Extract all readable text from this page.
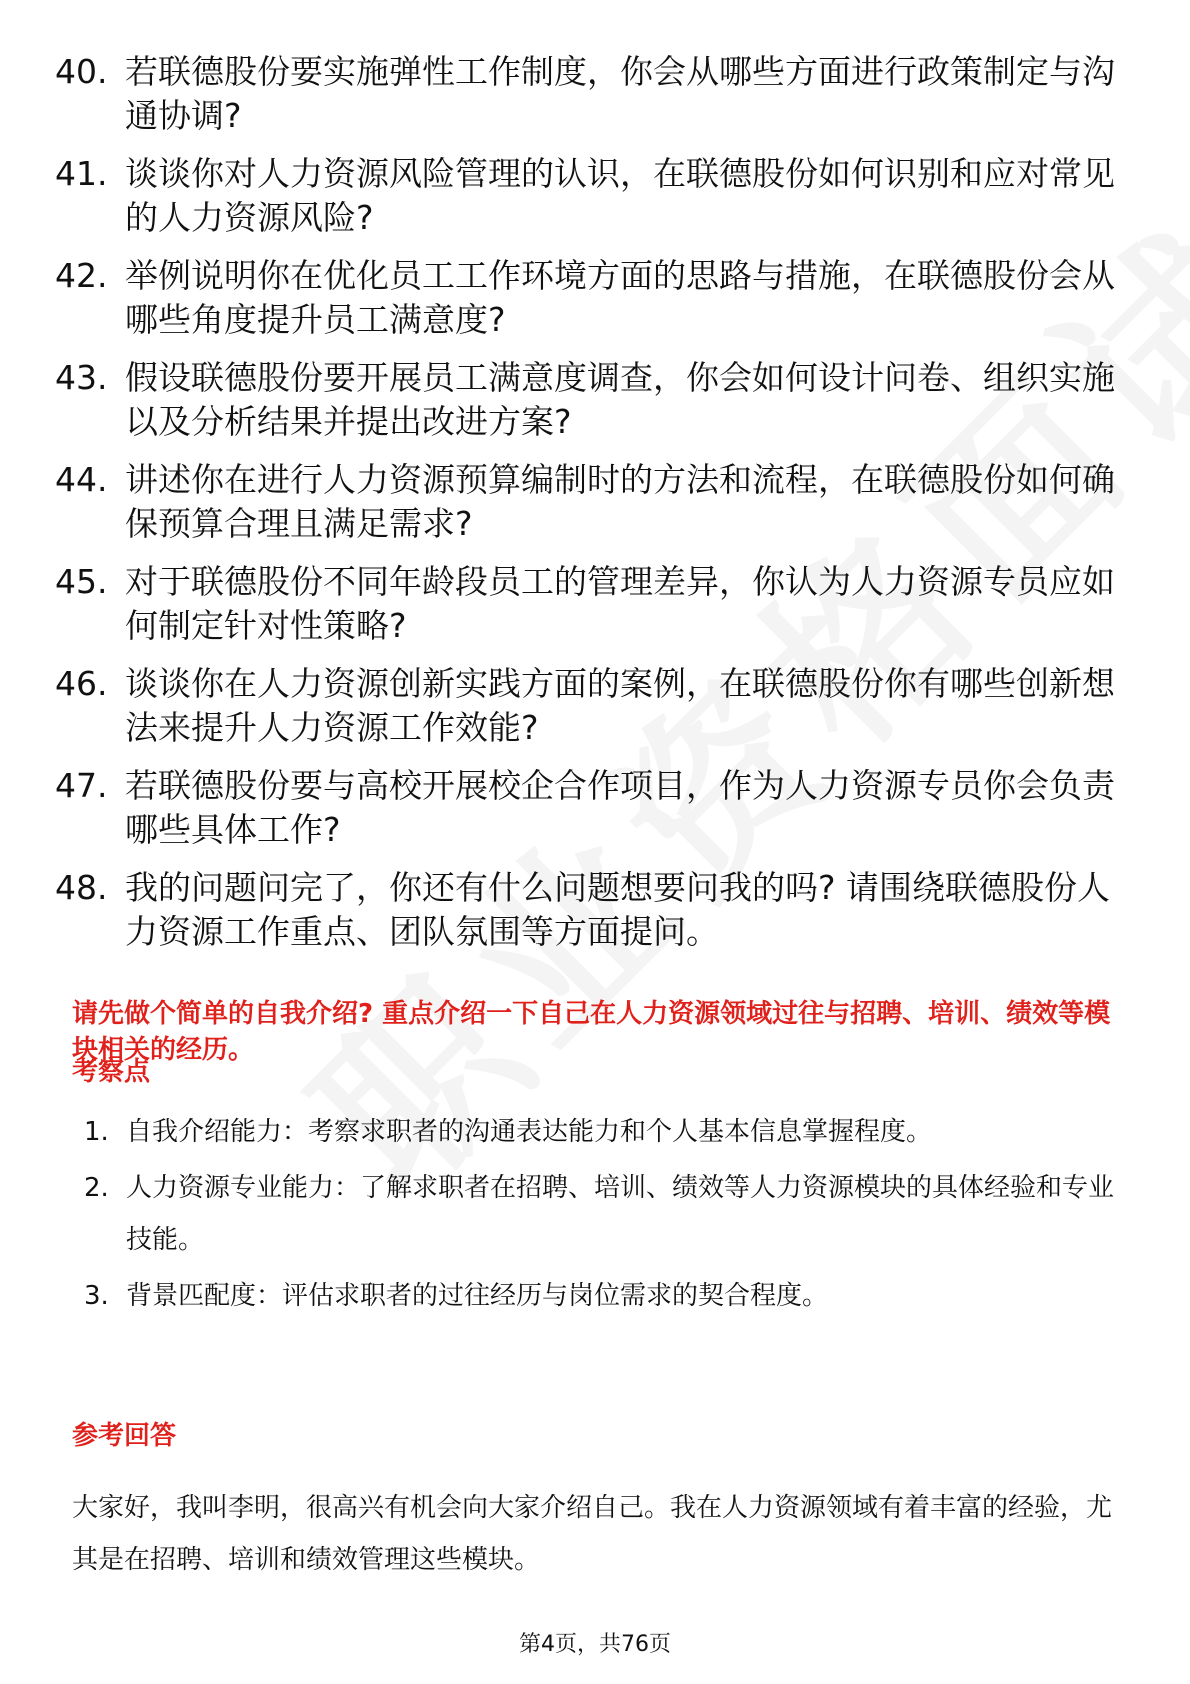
40. 若联德股份要实施弹性工作制度，你会从哪些方面进行政策制定与沟通协调?
41. 谈谈你对人力资源风险管理的认识，在联德股份如何识别和应对常见的人力资源风险?
42. 举例说明你在优化员工工作环境方面的思路与措施，在联德股份会从哪些角度提升员工满意度?
43. 假设联德股份要开展员工满意度调查，你会如何设计问卷、组织实施以及分析结果并提出改进方案?
44. 讲述你在进行人力资源预算编制时的方法和流程，在联德股份如何确保预算合理且满足需求?
45. 对于联德股份不同年龄段员工的管理差异，你认为人力资源专员应如何制定针对性策略?
46. 谈谈你在人力资源创新实践方面的案例，在联德股份你有哪些创新想法来提升人力资源工作效能?
47. 若联德股份要与高校开展校企合作项目，作为人力资源专员你会负责哪些具体工作?
48. 我的问题问完了，你还有什么问题想要问我的吗? 请围绕联德股份人力资源工作重点、团队氛围等方面提问。
请先做个简单的自我介绍? 重点介绍一下自己在人力资源领域过往与招聘、培训、绩效等模块相关的经历。
考察点
1. 自我介绍能力：考察求职者的沟通表达能力和个人基本信息掌握程度。
2. 人力资源专业能力：了解求职者在招聘、培训、绩效等人力资源模块的具体经验和专业技能。
3. 背景匹配度：评估求职者的过往经历与岗位需求的契合程度。
参考回答
大家好，我叫李明，很高兴有机会向大家介绍自己。我在人力资源领域有着丰富的经验，尤其是在招聘、培训和绩效管理这些模块。
第4页，共76页
